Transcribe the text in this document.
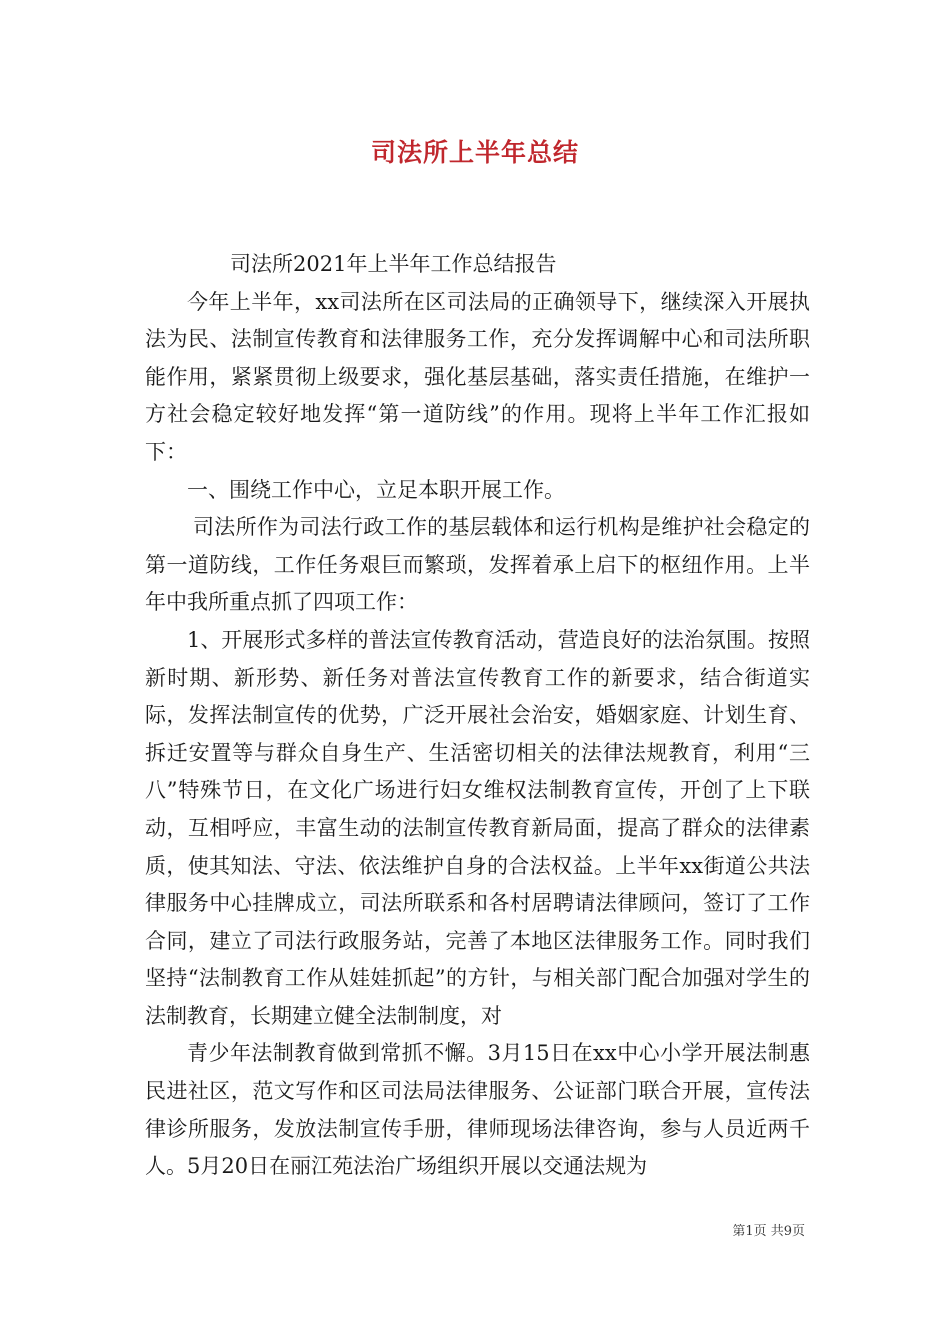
司法所上半年总结

司法所2021年上半年工作总结报告

今年上半年，xx司法所在区司法局的正确领导下，继续深入开展执法为民、法制宣传教育和法律服务工作，充分发挥调解中心和司法所职能作用，紧紧贯彻上级要求，强化基层基础，落实责任措施，在维护一方社会稳定较好地发挥“第一道防线”的作用。现将上半年工作汇报如下：

一、围绕工作中心，立足本职开展工作。

司法所作为司法行政工作的基层载体和运行机构是维护社会稳定的第一道防线，工作任务艰巨而繁琐，发挥着承上启下的枢纽作用。上半年中我所重点抓了四项工作：

1、开展形式多样的普法宣传教育活动，营造良好的法治氛围。按照新时期、新形势、新任务对普法宣传教育工作的新要求，结合街道实际，发挥法制宣传的优势，广泛开展社会治安，婚姻家庭、计划生育、拆迁安置等与群众自身生产、生活密切相关的法律法规教育，利用“三八”特殊节日，在文化广场进行妇女维权法制教育宣传，开创了上下联动，互相呼应，丰富生动的法制宣传教育新局面，提高了群众的法律素质，使其知法、守法、依法维护自身的合法权益。上半年xx街道公共法律服务中心挂牌成立，司法所联系和各村居聘请法律顾问，签订了工作合同，建立了司法行政服务站，完善了本地区法律服务工作。同时我们坚持“法制教育工作从娃娃抓起”的方针，与相关部门配合加强对学生的法制教育，长期建立健全法制制度，对

青少年法制教育做到常抓不懈。3月15日在xx中心小学开展法制惠民进社区，范文写作和区司法局法律服务、公证部门联合开展，宣传法律诊所服务，发放法制宣传手册，律师现场法律咨询，参与人员近两千人。5月20日在丽江苑法治广场组织开展以交通法规为

第1页 共9页
